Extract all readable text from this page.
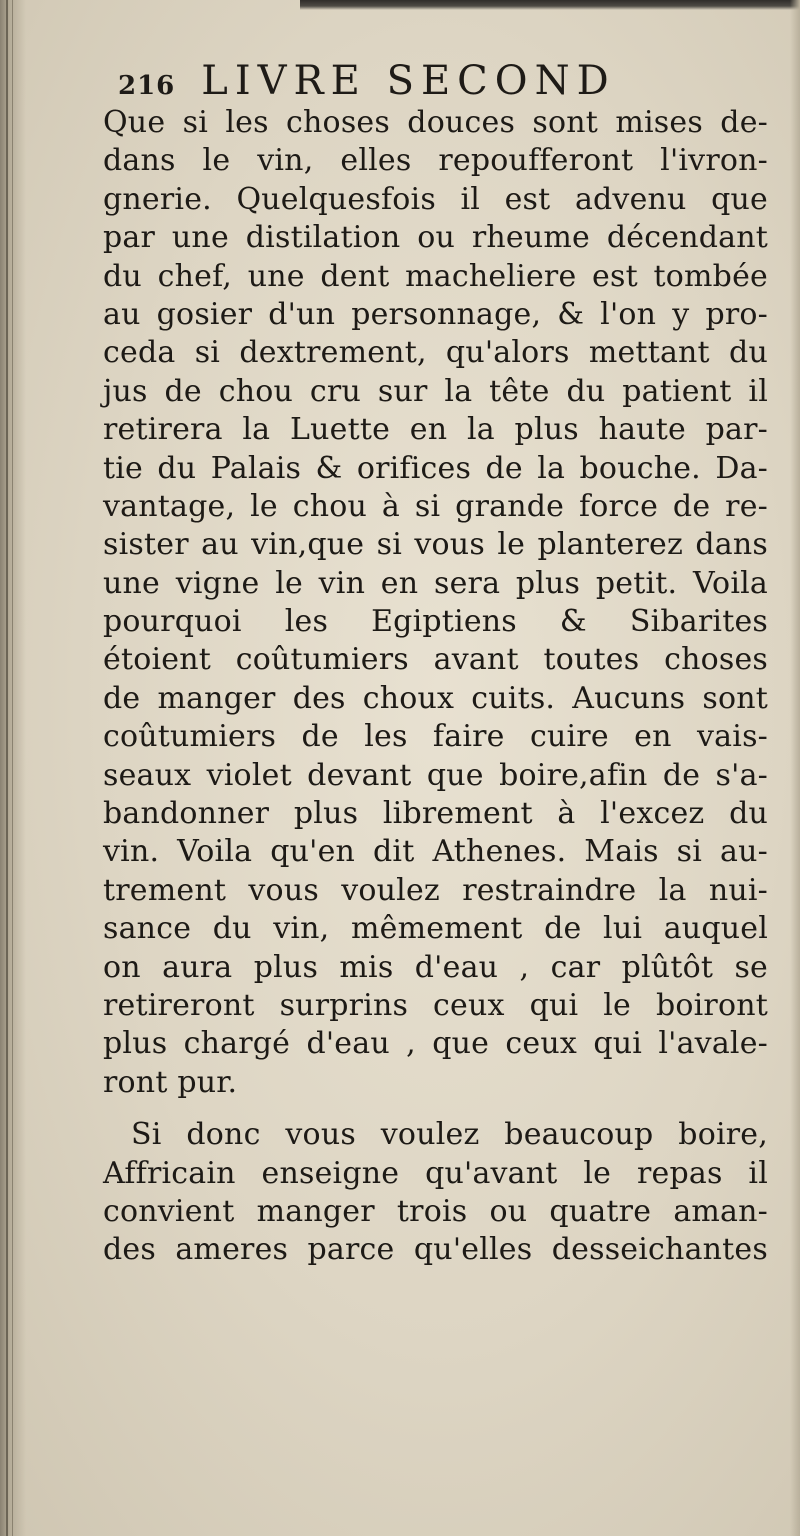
216 LIVRE SECOND
Que si les choses douces sont mises de-
dans le vin, elles repoufferont l'ivron-
gnerie. Quelquesfois il est advenu que
par une distilation ou rheume décendant
du chef, une dent macheliere est tombée
au gosier d'un personnage, & l'on y pro-
ceda si dextrement, qu'alors mettant du
jus de chou cru sur la tête du patient il
retirera la Luette en la plus haute par-
tie du Palais & orifices de la bouche. Da-
vantage, le chou à si grande force de re-
sister au vin,que si vous le planterez dans
une vigne le vin en sera plus petit. Voila
pourquoi les Egiptiens & Sibarites
étoient coûtumiers avant toutes choses
de manger des choux cuits. Aucuns sont
coûtumiers de les faire cuire en vais-
seaux violet devant que boire,afin de s'a-
bandonner plus librement à l'excez du
vin. Voila qu'en dit Athenes. Mais si au-
trement vous voulez restraindre la nui-
sance du vin, mêmement de lui auquel
on aura plus mis d'eau , car plûtôt se
retireront surprins ceux qui le boiront
plus chargé d'eau , que ceux qui l'avale-
ront pur.
Si donc vous voulez beaucoup boire,
Affricain enseigne qu'avant le repas il
convient manger trois ou quatre aman-
des ameres parce qu'elles desseichantes
